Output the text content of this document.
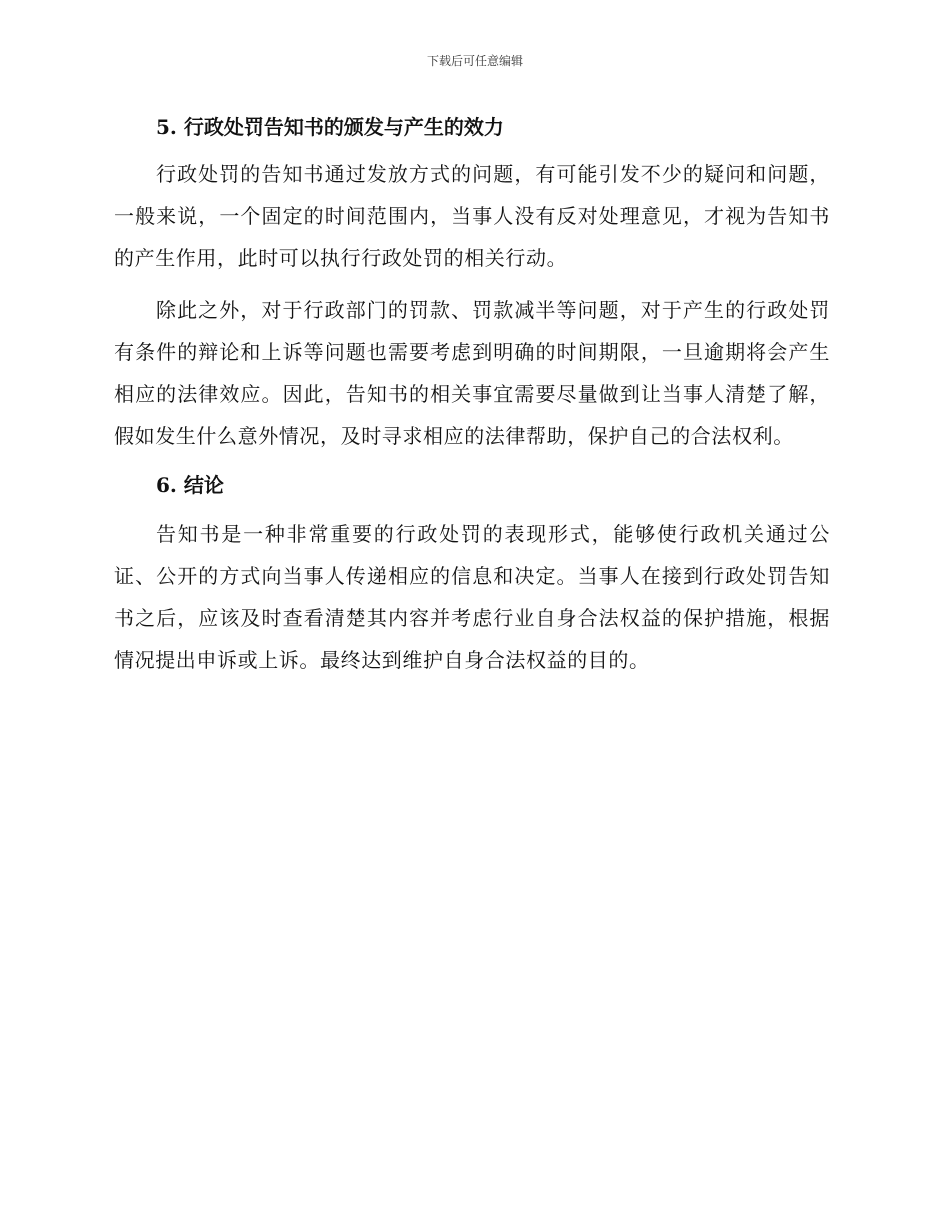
下载后可任意编辑
5. 行政处罚告知书的颁发与产生的效力

行政处罚的告知书通过发放方式的问题，有可能引发不少的疑问和问题，一般来说，一个固定的时间范围内，当事人没有反对处理意见，才视为告知书的产生作用，此时可以执行行政处罚的相关行动。

除此之外，对于行政部门的罚款、罚款减半等问题，对于产生的行政处罚有条件的辩论和上诉等问题也需要考虑到明确的时间期限，一旦逾期将会产生相应的法律效应。因此，告知书的相关事宜需要尽量做到让当事人清楚了解，假如发生什么意外情况，及时寻求相应的法律帮助，保护自己的合法权利。

6. 结论

告知书是一种非常重要的行政处罚的表现形式，能够使行政机关通过公证、公开的方式向当事人传递相应的信息和决定。当事人在接到行政处罚告知书之后，应该及时查看清楚其内容并考虑行业自身合法权益的保护措施，根据情况提出申诉或上诉。最终达到维护自身合法权益的目的。
